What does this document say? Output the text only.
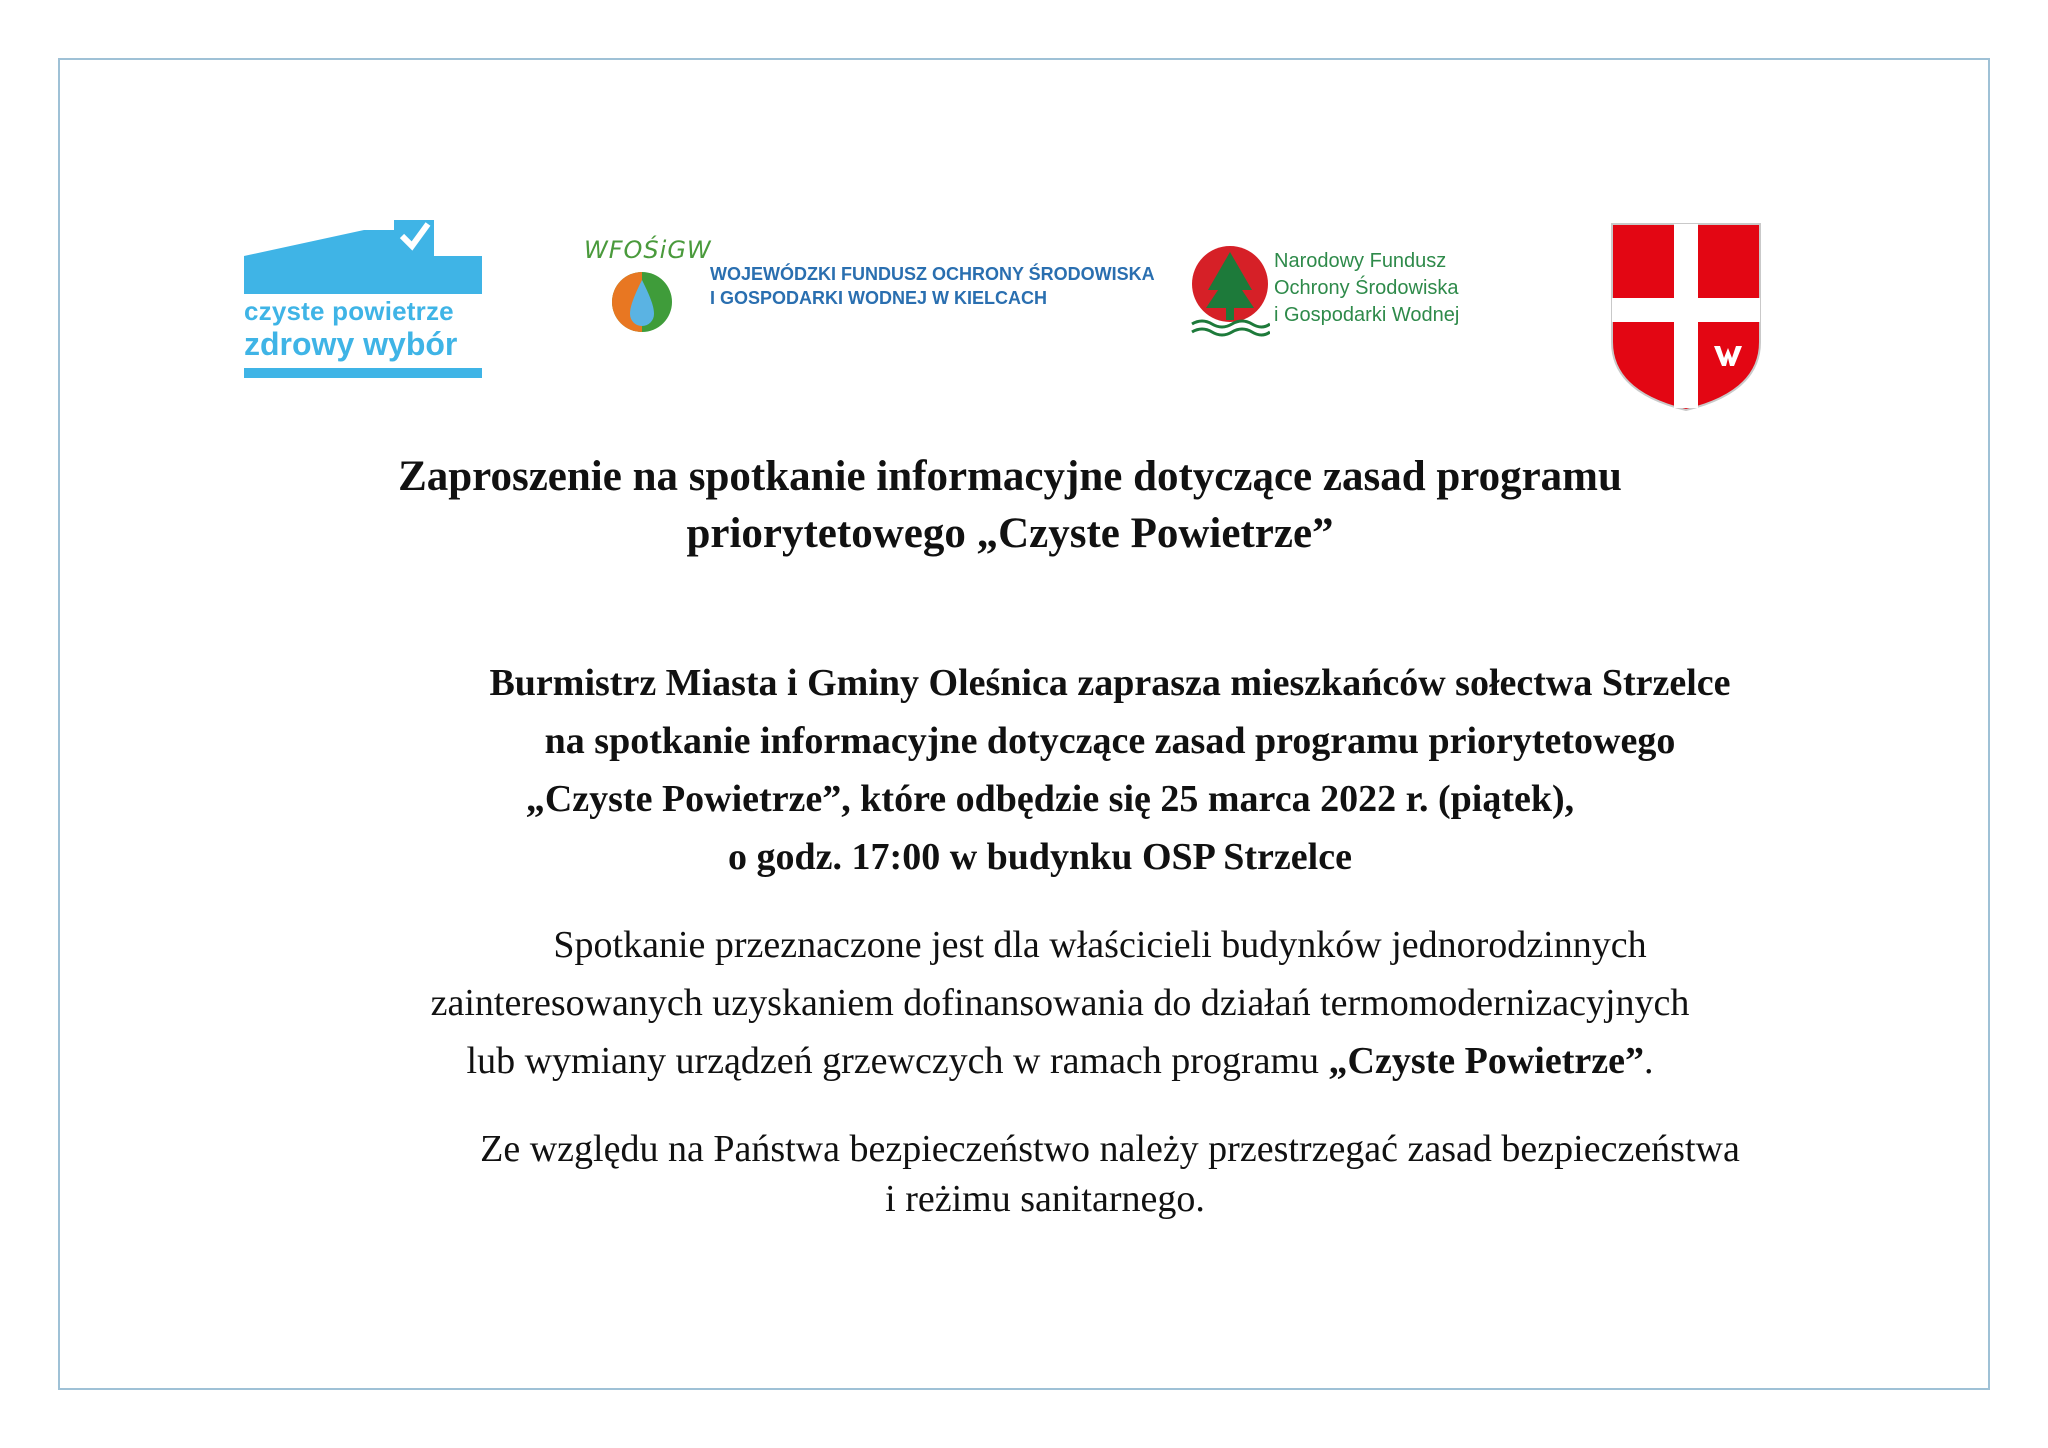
czyste powietrze
zdrowy wybór
WFOŚiGW
WOJEWÓDZKI FUNDUSZ OCHRONY ŚRODOWISKA
I GOSPODARKI WODNEJ W KIELCACH
Narodowy Fundusz
Ochrony Środowiska
i Gospodarki Wodnej
Zaproszenie na spotkanie informacyjne dotyczące zasad programu
priorytetowego „Czyste Powietrze”
Burmistrz Miasta i Gminy Oleśnica zaprasza mieszkańców sołectwa Strzelce
na spotkanie informacyjne dotyczące zasad programu priorytetowego
„Czyste Powietrze”, które odbędzie się 25 marca 2022 r. (piątek),
o godz. 17:00 w budynku OSP Strzelce
Spotkanie przeznaczone jest dla właścicieli budynków jednorodzinnych
zainteresowanych uzyskaniem dofinansowania do działań termomodernizacyjnych
lub wymiany urządzeń grzewczych w ramach programu „Czyste Powietrze”.
Ze względu na Państwa bezpieczeństwo należy przestrzegać zasad bezpieczeństwa
i reżimu sanitarnego.
